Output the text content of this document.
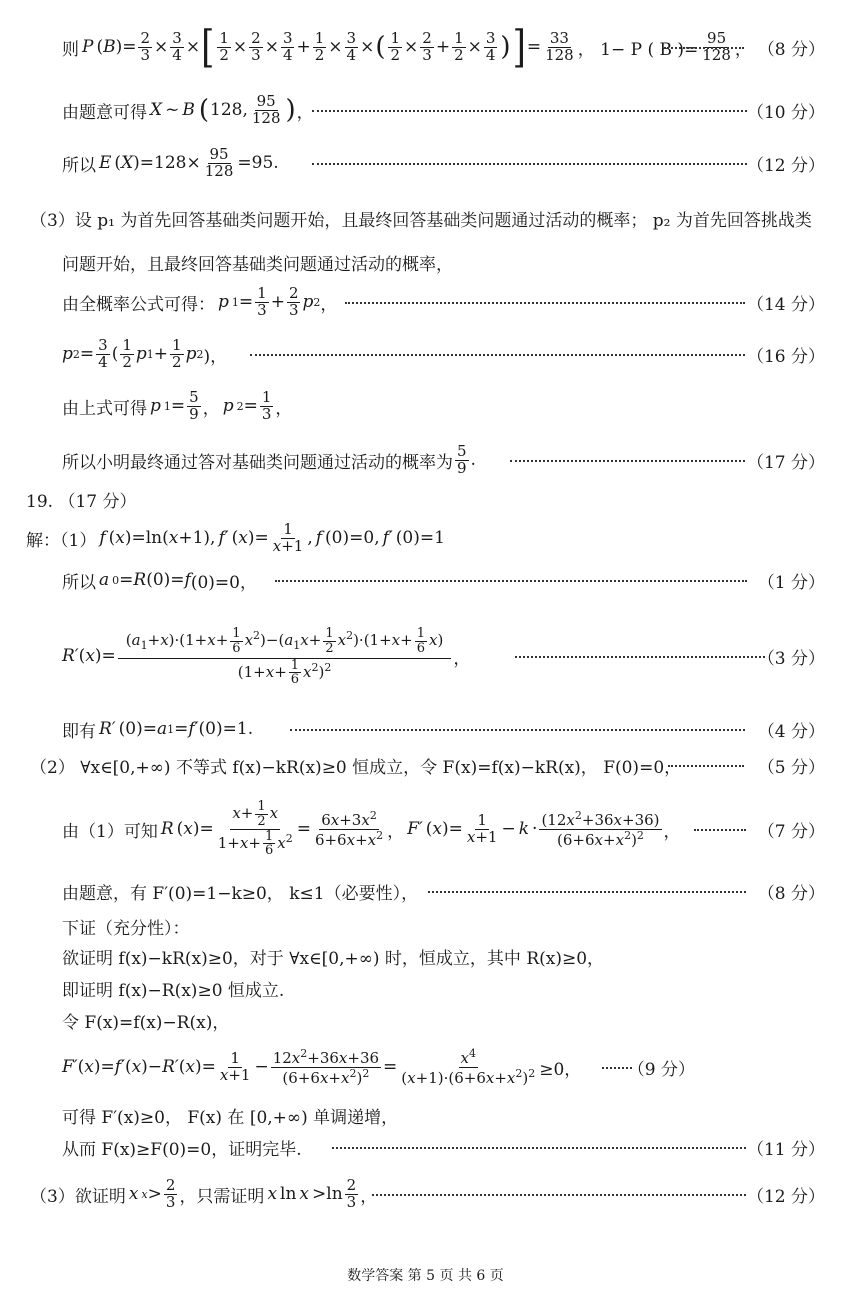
则 P ( B )= $\frac{2}{3} \times \frac{3}{4}$ × [ $\frac{1}{2} \times \frac{2}{3} \times \frac{3}{4} + \frac{1}{2} \times \frac{3}{4}$ × ( $\frac{1}{2} \times \frac{2}{3} + \frac{1}{2} \times \frac{3}{4}$ ) ] = $\frac{33}{128}$ ， 1− P ( B )= $\frac{95}{128}$ ， （8 分）
由题意可得 X ~ B ( 128, $\frac{95}{128}$ ) ，	（10 分）
所以 E ( X )$=128\times \frac{95}{128} =95$.	（12 分）
（3）设 p₁ 为首先回答基础类问题开始，且最终回答基础类问题通过活动的概率； p₂ 为首先回答挑战类
问题开始，且最终回答基础类问题通过活动的概率，
由全概率公式可得： p $1 = \frac{1}{3} + \frac{2}{3}$ p 2 ，	（14 分）
p $2 = \frac{3}{4}$ ( $\frac{1}{2}$ p $1 + \frac{1}{2}$ p 2 )，	（16 分）
由上式可得 p $1 = \frac{5}{9}$ ， p $2 = \frac{1}{3}$ ，
所以小明最终通过答对基础类问题通过活动的概率为 $\frac{5}{9}$ .	（17 分）
19. （17 分）
解：（1） f ( x )=ln( x +1), f′ ( x )= $\frac{1}{x+1}$ , f (0)=0, f′ (0)=1
所以 a 0 = R (0)= f (0)=0，	（1 分）
R′ ( x )= $\frac{(a_1+x)\cdot(1+x+ \frac{1}{6} x^2)-(a_1x+ \frac{1}{2} x^2)\cdot(1+x+ \frac{1}{6} x)}{(1+x+ \frac{1}{6} x^2)^2}$ ，	（3 分）
即有 R′ (0)= a 1 = f′ (0)=1.	（4 分）
（2） ∀x∈[0,+∞) 不等式 f(x)−kR(x)≥0 恒成立，令 F(x)=f(x)−kR(x)， F(0)=0，	（5 分）
由（1）可知 R ( x )= $\frac{x+ \frac{1}{2} x}{1+x+ \frac{1}{6} x^2} = \frac{6x+3x^2}{6+6x+x^2}$ ， F′ ( x )= $\frac{1}{x+1} - k \cdot \frac{(12x^2+36x+36)}{(6+6x+x^2)^2}$ ，	（7 分）
由题意，有 F′(0)=1−k≥0， k≤1（必要性），	（8 分）
下证（充分性）：
欲证明 f(x)−kR(x)≥0，对于 ∀x∈[0,+∞) 时，恒成立，其中 R(x)≥0，
即证明 f(x)−R(x)≥0 恒成立.
令 F(x)=f(x)−R(x)，
F′ ( x )= f′ ( x )− R′ ( x )= $\frac{1}{x+1} - \frac{12x^2+36x+36}{(6+6x+x^2)^2} = \frac{x^4}{(x+1)\cdot(6+6x+x^2)^2} \ge 0$，	（9 分）
可得 F′(x)≥0， F(x) 在 [0,+∞) 单调递增，
从而 F(x)≥F(0)=0，证明完毕.	（11 分）
（3）欲证明 x $x > \frac{2}{3}$ ，只需证明 x $\ln x >\ln \frac{2}{3}$ ，	（12 分）
数学答案 第 5 页 共 6 页
